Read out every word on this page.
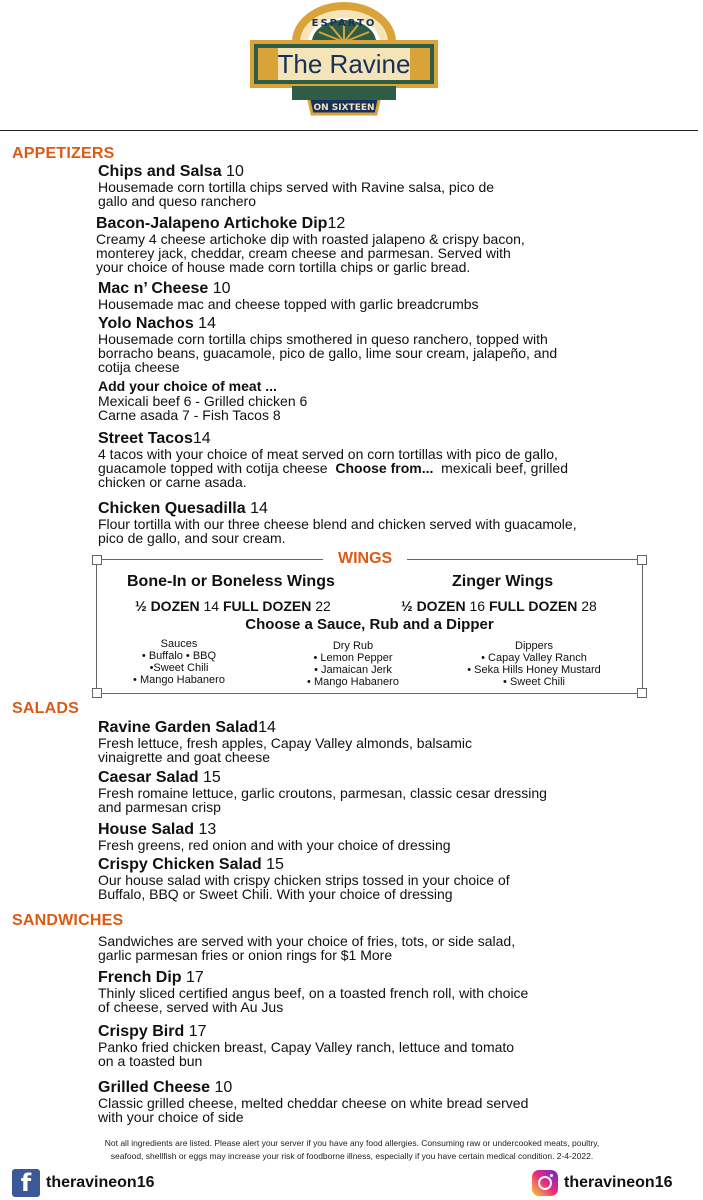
ESPARTO
The Ravine
ON SIXTEEN
APPETIZERS
Chips and Salsa 10
Housemade corn tortilla chips served with Ravine salsa, pico de
gallo and queso ranchero
Bacon-Jalapeno Artichoke Dip12
Creamy 4 cheese artichoke dip with roasted jalapeno & crispy bacon,
monterey jack, cheddar, cream cheese and parmesan. Served with
your choice of house made corn tortilla chips or garlic bread.
Mac n’ Cheese 10
Housemade mac and cheese topped with garlic breadcrumbs
Yolo Nachos 14
Housemade corn tortilla chips smothered in queso ranchero, topped with
borracho beans, guacamole, pico de gallo, lime sour cream, jalapeño, and
cotija cheese
Add your choice of meat ...
Mexicali beef 6 - Grilled chicken 6
Carne asada 7 - Fish Tacos 8
Street Tacos14
4 tacos with your choice of meat served on corn tortillas with pico de gallo,
guacamole topped with cotija cheese  Choose from...  mexicali beef, grilled
chicken or carne asada.
Chicken Quesadilla 14
Flour tortilla with our three cheese blend and chicken served with guacamole,
pico de gallo, and sour cream.
WINGS
Bone-In or Boneless Wings	Zinger Wings
½ DOZEN 14 FULL DOZEN 22	½ DOZEN 16 FULL DOZEN 28
Choose a Sauce, Rub and a Dipper
Sauces
• Buffalo • BBQ
•Sweet Chili
• Mango Habanero
Dry Rub
• Lemon Pepper
• Jamaican Jerk
• Mango Habanero
Dippers
• Capay Valley Ranch
• Seka Hills Honey Mustard
• Sweet Chili
SALADS
Ravine Garden Salad14
Fresh lettuce, fresh apples, Capay Valley almonds, balsamic
vinaigrette and goat cheese
Caesar Salad 15
Fresh romaine lettuce, garlic croutons, parmesan, classic cesar dressing
and parmesan crisp
House Salad 13
Fresh greens, red onion and with your choice of dressing
Crispy Chicken Salad 15
Our house salad with crispy chicken strips tossed in your choice of
Buffalo, BBQ or Sweet Chili. With your choice of dressing
SANDWICHES
Sandwiches are served with your choice of fries, tots, or side salad,
garlic parmesan fries or onion rings for $1 More
French Dip 17
Thinly sliced certified angus beef, on a toasted french roll, with choice
of cheese, served with Au Jus
Crispy Bird 17
Panko fried chicken breast, Capay Valley ranch, lettuce and tomato
on a toasted bun
Grilled Cheese 10
Classic grilled cheese, melted cheddar cheese on white bread served
with your choice of side
Not all ingredients are listed. Please alert your server if you have any food allergies. Consuming raw or undercooked meats, poultry,
seafood, shellfish or eggs may increase your risk of foodborne illness, especially if you have certain medical condition. 2-4-2022.
f theravineon16	theravineon16
